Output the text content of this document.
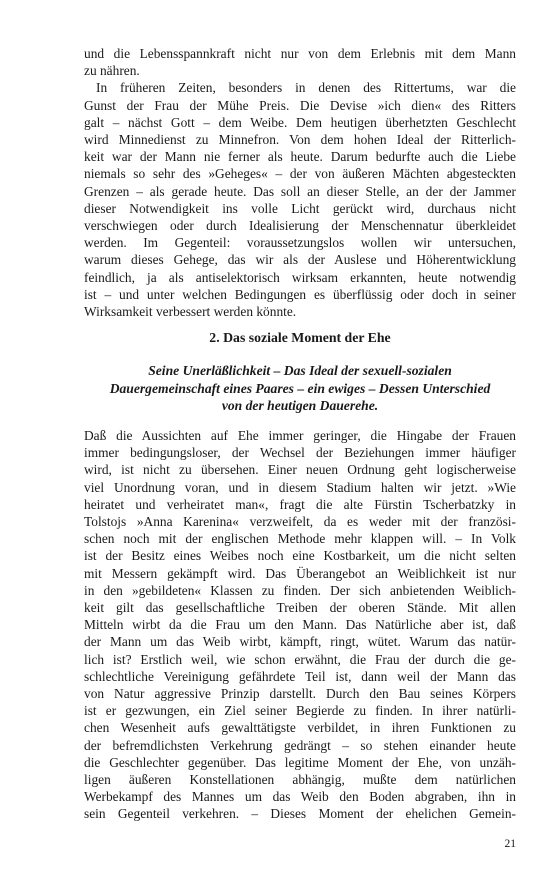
und die Lebensspannkraft nicht nur von dem Erlebnis mit dem Mann
zu nähren.

In früheren Zeiten, besonders in denen des Rittertums, war die
Gunst der Frau der Mühe Preis. Die Devise »ich dien« des Ritters
galt – nächst Gott – dem Weibe. Dem heutigen überhetzten Geschlecht
wird Minnedienst zu Minnefron. Von dem hohen Ideal der Ritterlich-
keit war der Mann nie ferner als heute. Darum bedurfte auch die Liebe
niemals so sehr des »Geheges« – der von äußeren Mächten abgesteckten
Grenzen – als gerade heute. Das soll an dieser Stelle, an der der Jammer
dieser Notwendigkeit ins volle Licht gerückt wird, durchaus nicht
verschwiegen oder durch Idealisierung der Menschennatur überkleidet
werden. Im Gegenteil: voraussetzungslos wollen wir untersuchen,
warum dieses Gehege, das wir als der Auslese und Höherentwicklung
feindlich, ja als antiselektorisch wirksam erkannten, heute notwendig
ist – und unter welchen Bedingungen es überflüssig oder doch in seiner
Wirksamkeit verbessert werden könnte.

2. Das soziale Moment der Ehe
Seine Unerläßlichkeit – Das Ideal der sexuell-sozialen
Dauergemeinschaft eines Paares – ein ewiges – Dessen Unterschied
von der heutigen Dauerehe.

Daß die Aussichten auf Ehe immer geringer, die Hingabe der Frauen
immer bedingungsloser, der Wechsel der Beziehungen immer häufiger
wird, ist nicht zu übersehen. Einer neuen Ordnung geht logischerweise
viel Unordnung voran, und in diesem Stadium halten wir jetzt. »Wie
heiratet und verheiratet man«, fragt die alte Fürstin Tscherbatzky in
Tolstojs »Anna Karenina« verzweifelt, da es weder mit der französi-
schen noch mit der englischen Methode mehr klappen will. – In Volk
ist der Besitz eines Weibes noch eine Kostbarkeit, um die nicht selten
mit Messern gekämpft wird. Das Überangebot an Weiblichkeit ist nur
in den »gebildeten« Klassen zu finden. Der sich anbietenden Weiblich-
keit gilt das gesellschaftliche Treiben der oberen Stände. Mit allen
Mitteln wirbt da die Frau um den Mann. Das Natürliche aber ist, daß
der Mann um das Weib wirbt, kämpft, ringt, wütet. Warum das natür-
lich ist? Erstlich weil, wie schon erwähnt, die Frau der durch die ge-
schlechtliche Vereinigung gefährdete Teil ist, dann weil der Mann das
von Natur aggressive Prinzip darstellt. Durch den Bau seines Körpers
ist er gezwungen, ein Ziel seiner Begierde zu finden. In ihrer natürli-
chen Wesenheit aufs gewalttätigste verbildet, in ihren Funktionen zu
der befremdlichsten Verkehrung gedrängt – so stehen einander heute
die Geschlechter gegenüber. Das legitime Moment der Ehe, von unzäh-
ligen äußeren Konstellationen abhängig, mußte dem natürlichen
Werbekampf des Mannes um das Weib den Boden abgraben, ihn in
sein Gegenteil verkehren. – Dieses Moment der ehelichen Gemein-

21
